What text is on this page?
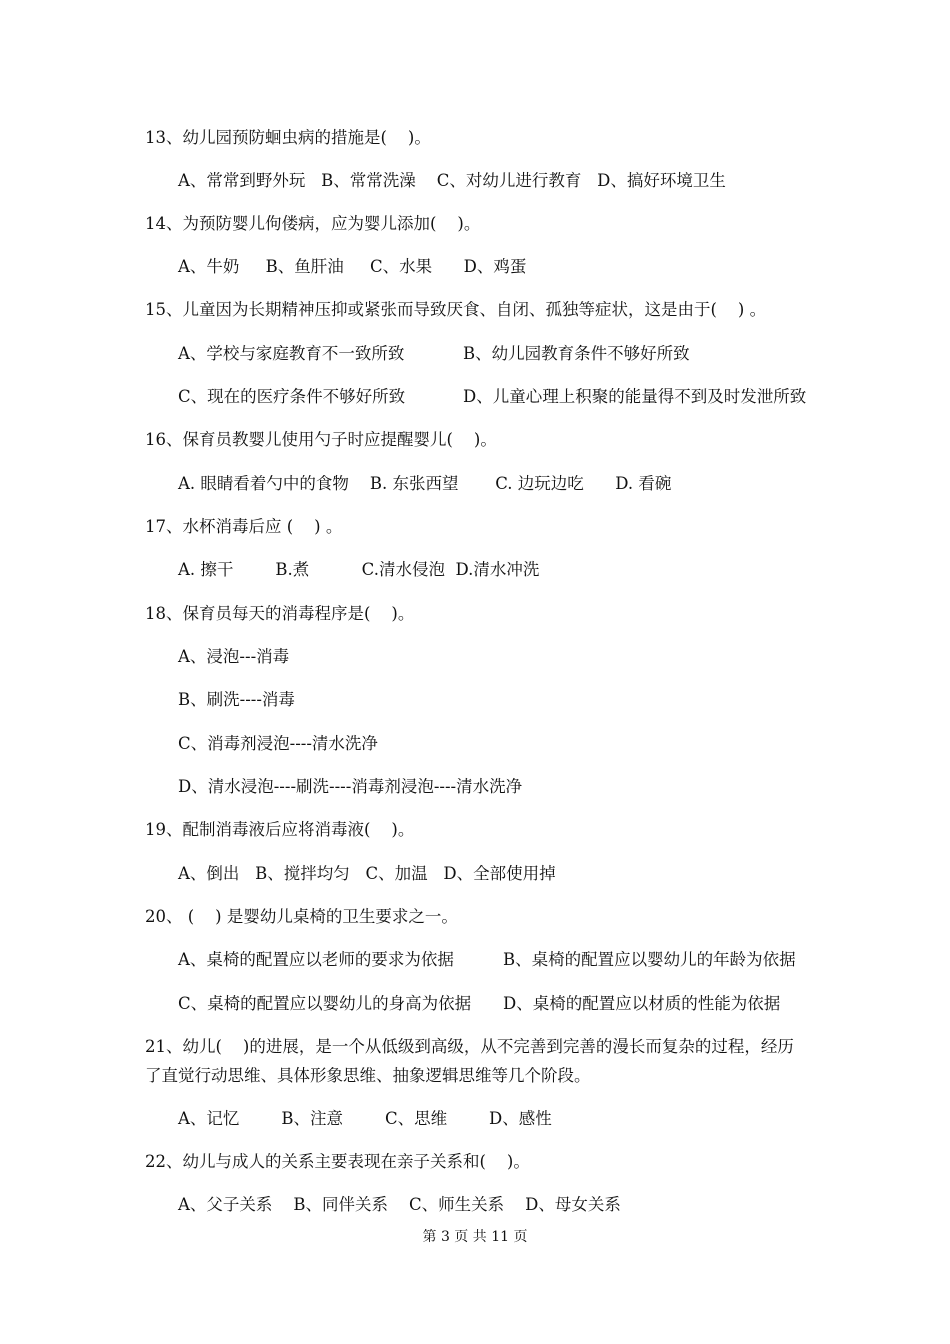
13、幼儿园预防蛔虫病的措施是(    )。
A、常常到野外玩   B、常常洗澡    C、对幼儿进行教育   D、搞好环境卫生
14、为预防婴儿佝偻病，应为婴儿添加(    )。
A、牛奶     B、鱼肝油     C、水果      D、鸡蛋
15、儿童因为长期精神压抑或紧张而导致厌食、自闭、孤独等症状，这是由于(    ) 。
A、学校与家庭教育不一致所致	B、幼儿园教育条件不够好所致
C、现在的医疗条件不够好所致	D、儿童心理上积聚的能量得不到及时发泄所致
16、保育员教婴儿使用勺子时应提醒婴儿(    )。
A. 眼睛看着勺中的食物    B. 东张西望       C. 边玩边吃      D. 看碗
17、水杯消毒后应 (    ) 。
A. 擦干        B.煮          C.清水侵泡  D.清水冲洗
18、保育员每天的消毒程序是(    )。
A、浸泡---消毒
B、刷洗----消毒
C、消毒剂浸泡----清水洗净
D、清水浸泡----刷洗----消毒剂浸泡----清水洗净
19、配制消毒液后应将消毒液(    )。
A、倒出   B、搅拌均匀   C、加温   D、全部使用掉
20、 (    ) 是婴幼儿桌椅的卫生要求之一。
A、桌椅的配置应以老师的要求为依据	B、桌椅的配置应以婴幼儿的年龄为依据
C、桌椅的配置应以婴幼儿的身高为依据 D、桌椅的配置应以材质的性能为依据
21、幼儿(    )的进展，是一个从低级到高级，从不完善到完善的漫长而复杂的过程，经历
了直觉行动思维、具体形象思维、抽象逻辑思维等几个阶段。
A、记忆        B、注意        C、思维        D、感性
22、幼儿与成人的关系主要表现在亲子关系和(    )。
A、父子关系    B、同伴关系    C、师生关系    D、母女关系
第 3 页 共 11 页
